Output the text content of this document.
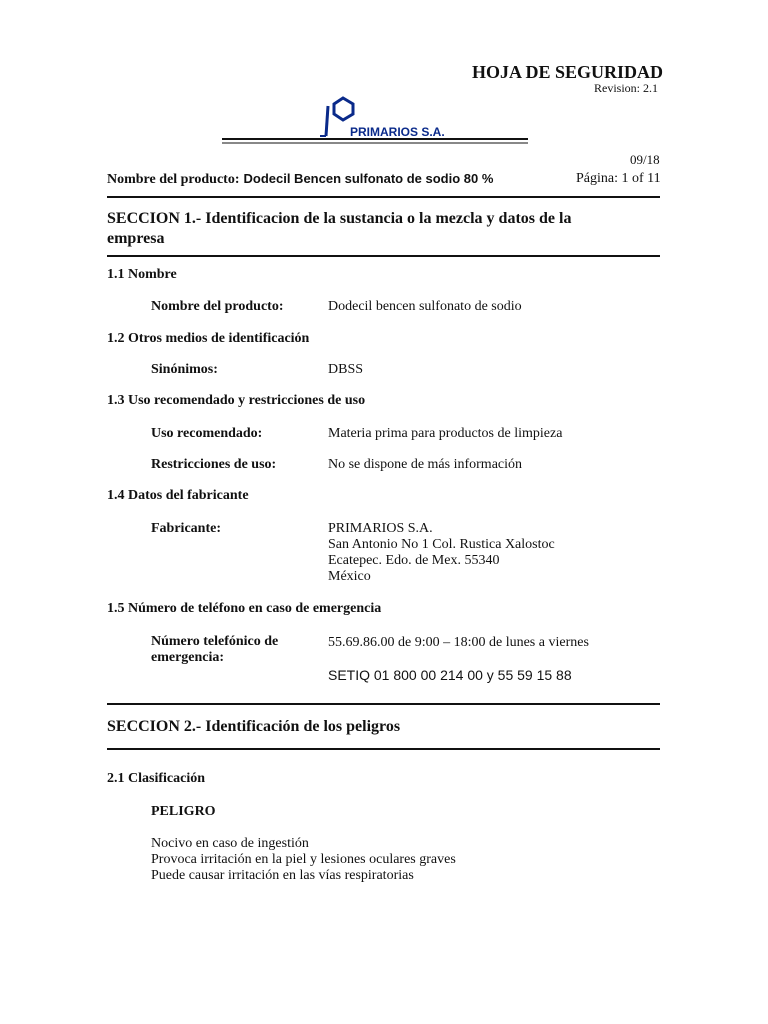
HOJA DE SEGURIDAD
Revision: 2.1
PRIMARIOS S.A.
09/18
Nombre del producto: Dodecil Bencen sulfonato de sodio 80 %	Página: 1 of 11
SECCION 1.- Identificacion de la sustancia o la mezcla y datos de la empresa
1.1 Nombre
Nombre del producto:	Dodecil bencen sulfonato de sodio
1.2 Otros medios de identificación
Sinónimos:	DBSS
1.3 Uso recomendado y restricciones de uso
Uso recomendado:	Materia prima para productos de limpieza
Restricciones de uso:	No se dispone de más información
1.4 Datos del fabricante
Fabricante:	PRIMARIOS S.A.
San Antonio No 1 Col. Rustica Xalostoc
Ecatepec. Edo. de Mex. 55340
México
1.5 Número de teléfono en caso de emergencia
Número telefónico de
emergencia:
55.69.86.00 de 9:00 – 18:00 de lunes a viernes
SETIQ 01 800 00 214 00 y 55 59 15 88
SECCION 2.- Identificación de los peligros
2.1 Clasificación
PELIGRO
Nocivo en caso de ingestión
Provoca irritación en la piel y lesiones oculares graves
Puede causar irritación en las vías respiratorias
